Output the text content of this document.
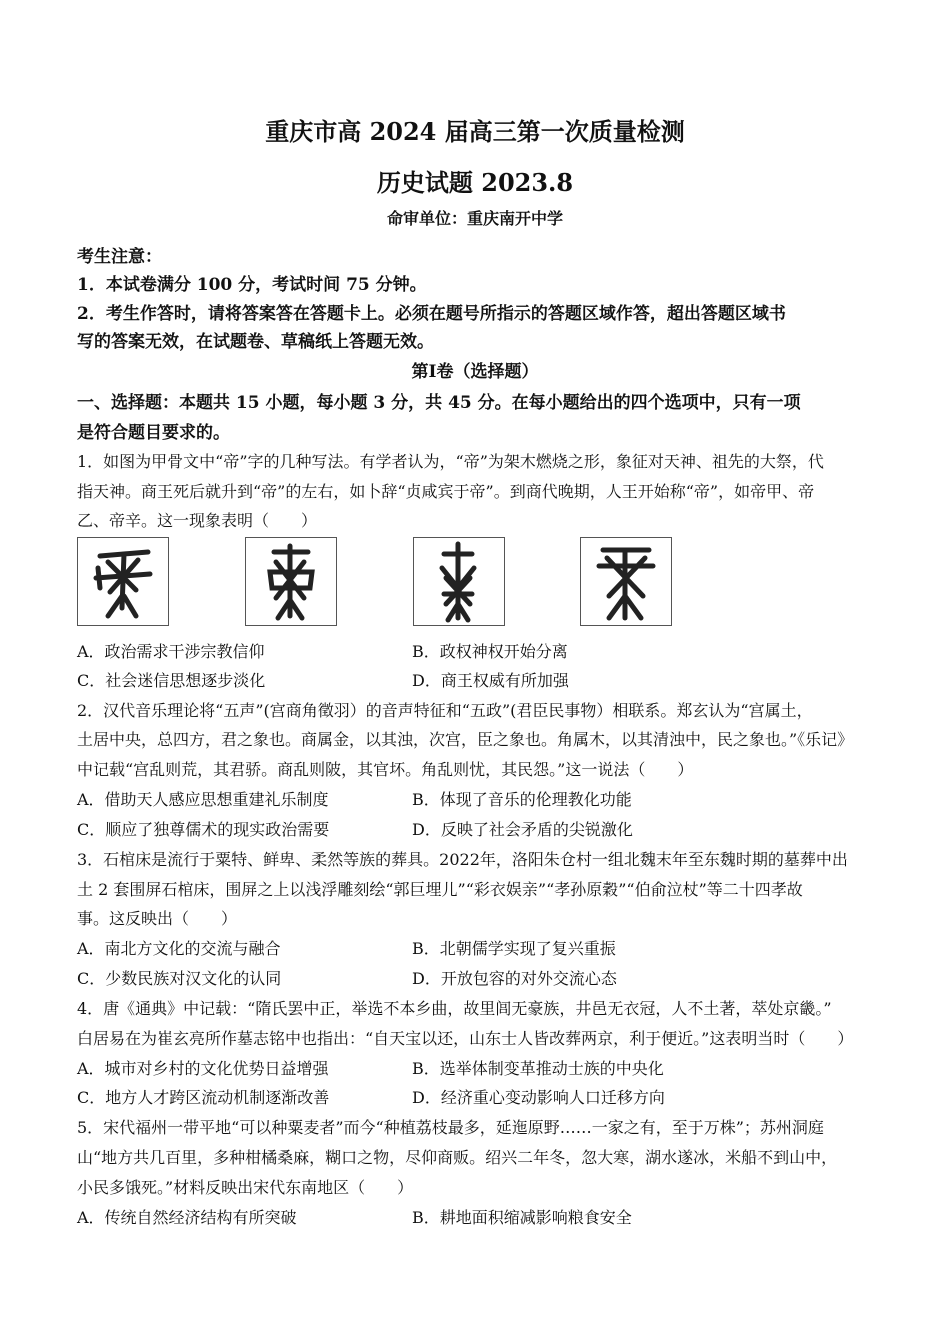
重庆市高 2024 届高三第一次质量检测
历史试题 2023.8
命审单位：重庆南开中学
考生注意：
1．本试卷满分 100 分，考试时间 75 分钟。
2．考生作答时，请将答案答在答题卡上。必须在题号所指示的答题区域作答，超出答题区域书
写的答案无效，在试题卷、草稿纸上答题无效。
第Ⅰ卷（选择题）
一、选择题：本题共 15 小题，每小题 3 分，共 45 分。在每小题给出的四个选项中，只有一项
是符合题目要求的。
1．如图为甲骨文中“帝”字的几种写法。有学者认为，“帝”为架木燃烧之形，象征对天神、祖先的大祭，代
指天神。商王死后就升到“帝”的左右，如卜辞“贞咸宾于帝”。到商代晚期，人王开始称“帝”，如帝甲、帝
乙、帝辛。这一现象表明（　　）
A．政治需求干涉宗教信仰	B．政权神权开始分离
C．社会迷信思想逐步淡化	D．商王权威有所加强
2．汉代音乐理论将“五声”(宫商角徵羽）的音声特征和“五政”(君臣民事物）相联系。郑玄认为“宫属土，
土居中央，总四方，君之象也。商属金，以其浊，次宫，臣之象也。角属木，以其清浊中，民之象也。”《乐记》
中记载“宫乱则荒，其君骄。商乱则陂，其官坏。角乱则忧，其民怨。”这一说法（　　）
A．借助天人感应思想重建礼乐制度	B．体现了音乐的伦理教化功能
C．顺应了独尊儒术的现实政治需要	D．反映了社会矛盾的尖锐激化
3．石棺床是流行于粟特、鲜卑、柔然等族的葬具。2022年，洛阳朱仓村一组北魏末年至东魏时期的墓葬中出
土 2 套围屏石棺床，围屏之上以浅浮雕刻绘“郭巨埋儿”“彩衣娱亲”“孝孙原穀”“伯俞泣杖”等二十四孝故
事。这反映出（　　）
A．南北方文化的交流与融合	B．北朝儒学实现了复兴重振
C．少数民族对汉文化的认同	D．开放包容的对外交流心态
4．唐《通典》中记载：“隋氏罢中正，举选不本乡曲，故里闾无豪族，井邑无衣冠，人不土著，萃处京畿。”
白居易在为崔玄亮所作墓志铭中也指出：“自天宝以还，山东士人皆改葬两京，利于便近。”这表明当时（　　）
A．城市对乡村的文化优势日益增强	B．选举体制变革推动士族的中央化
C．地方人才跨区流动机制逐渐改善	D．经济重心变动影响人口迁移方向
5．宋代福州一带平地“可以种粟麦者”而今“种植荔枝最多，延迤原野……一家之有，至于万株”；苏州洞庭
山“地方共几百里，多种柑橘桑麻，糊口之物，尽仰商贩。绍兴二年冬，忽大寒，湖水遂冰，米船不到山中，
小民多饿死。”材料反映出宋代东南地区（　　）
A．传统自然经济结构有所突破	B．耕地面积缩减影响粮食安全
